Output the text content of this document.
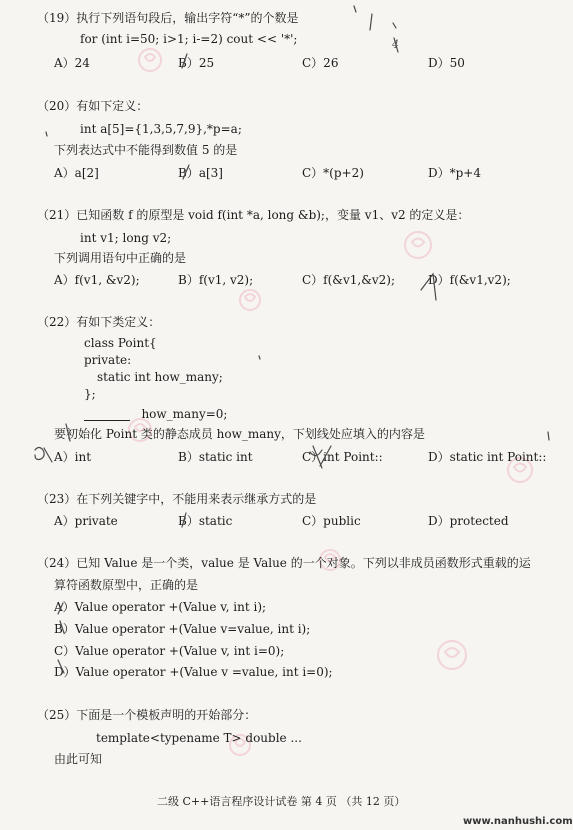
（19）执行下列语句段后，输出字符“*”的个数是
for (int i=50; i>1; i-=2) cout << '*';
A）24	B）25	C）26	D）50
（20）有如下定义：
int a[5]={1,3,5,7,9},*p=a;
下列表达式中不能得到数值 5 的是
A）a[2]	B）a[3]	C）*(p+2)	D）*p+4
（21）已知函数 f 的原型是 void f(int *a, long &b);，变量 v1、v2 的定义是：
int v1; long v2;
下列调用语句中正确的是
A）f(v1, &v2);	B）f(v1, v2);	C）f(&v1,&v2);	D）f(&v1,v2);
（22）有如下类定义：
class Point{
private:
static int how_many;
};
how_many=0;
要初始化 Point 类的静态成员 how_many，下划线处应填入的内容是
A）int	B）static int	C）int Point::	D）static int Point::
（23）在下列关键字中，不能用来表示继承方式的是
A）private	B）static	C）public	D）protected
（24）已知 Value 是一个类，value 是 Value 的一个对象。下列以非成员函数形式重载的运
算符函数原型中，正确的是
A）Value operator +(Value v, int i);
B）Value operator +(Value v=value, int i);
C）Value operator +(Value v, int i=0);
D）Value operator +(Value v =value, int i=0);
（25）下面是一个模板声明的开始部分：
template<typename T> double ...
由此可知
二级 C++语言程序设计试卷 第 4 页 （共 12 页）
www.nanhushi.com
4
